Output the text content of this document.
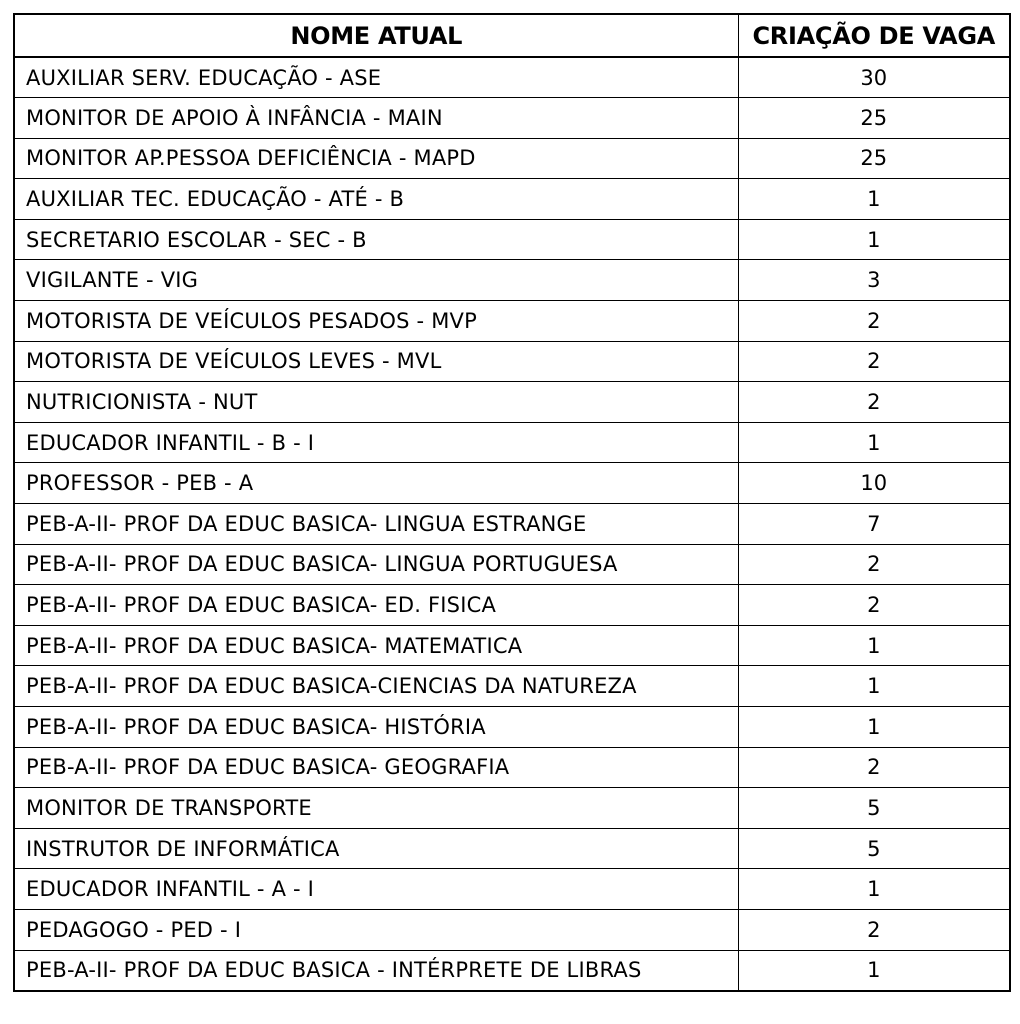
NOME ATUAL	CRIAÇÃO DE VAGA
AUXILIAR SERV. EDUCAÇÃO - ASE	30
MONITOR DE APOIO À INFÂNCIA - MAIN	25
MONITOR AP.PESSOA DEFICIÊNCIA - MAPD	25
AUXILIAR TEC. EDUCAÇÃO - ATÉ - B	1
SECRETARIO ESCOLAR - SEC - B	1
VIGILANTE - VIG	3
MOTORISTA DE VEÍCULOS PESADOS - MVP	2
MOTORISTA DE VEÍCULOS LEVES - MVL	2
NUTRICIONISTA - NUT	2
EDUCADOR INFANTIL - B - I	1
PROFESSOR - PEB - A	10
PEB-A-II- PROF DA EDUC BASICA- LINGUA ESTRANGE	7
PEB-A-II- PROF DA EDUC BASICA- LINGUA PORTUGUESA	2
PEB-A-II- PROF DA EDUC BASICA- ED. FISICA	2
PEB-A-II- PROF DA EDUC BASICA- MATEMATICA	1
PEB-A-II- PROF DA EDUC BASICA-CIENCIAS DA NATUREZA	1
PEB-A-II- PROF DA EDUC BASICA- HISTÓRIA	1
PEB-A-II- PROF DA EDUC BASICA- GEOGRAFIA	2
MONITOR DE TRANSPORTE	5
INSTRUTOR DE INFORMÁTICA	5
EDUCADOR INFANTIL - A - I	1
PEDAGOGO - PED - I	2
PEB-A-II- PROF DA EDUC BASICA - INTÉRPRETE DE LIBRAS	1
